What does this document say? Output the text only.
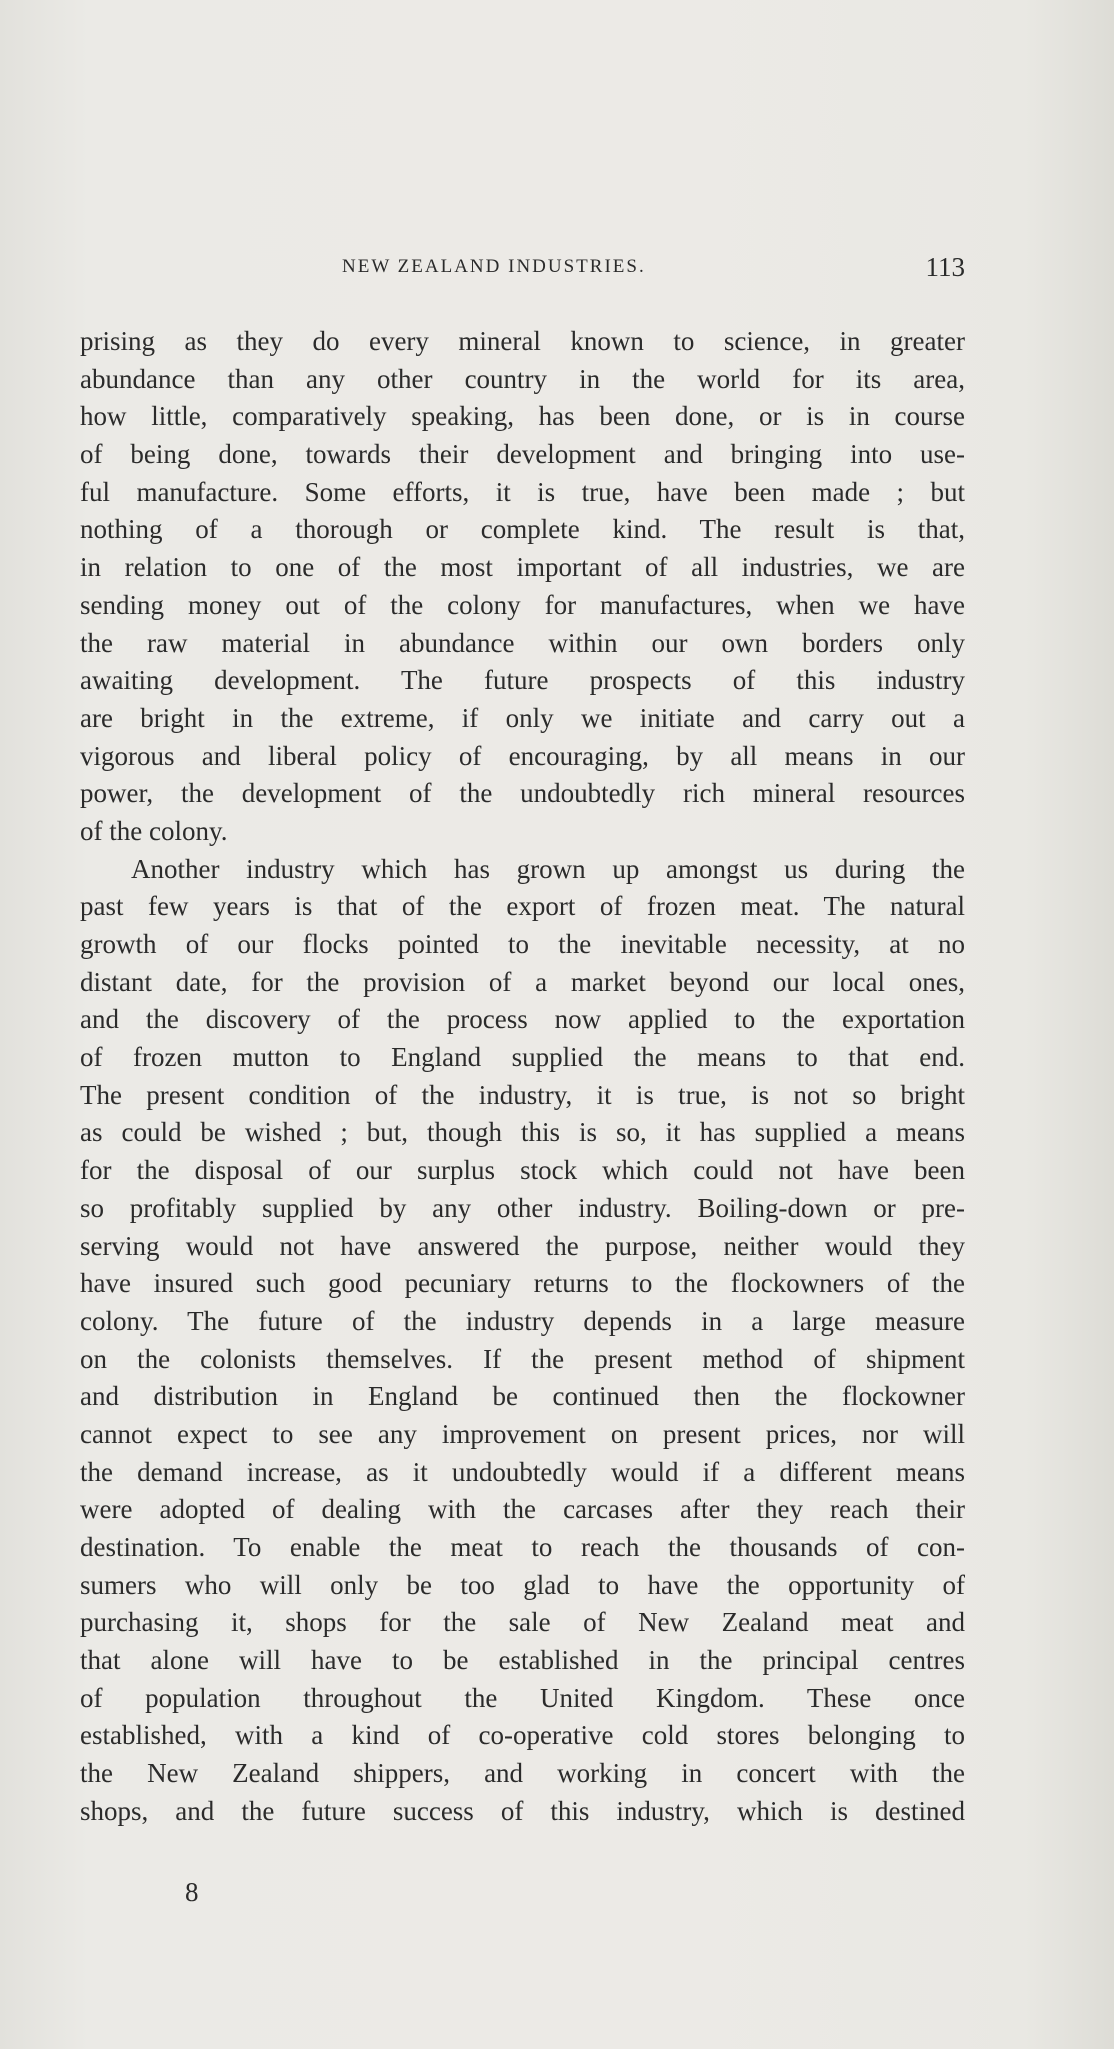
NEW ZEALAND INDUSTRIES.	113
prising as they do every mineral known to science, in greater
abundance than any other country in the world for its area,
how little, comparatively speaking, has been done, or is in course
of being done, towards their development and bringing into use-
ful manufacture. Some efforts, it is true, have been made ; but
nothing of a thorough or complete kind. The result is that,
in relation to one of the most important of all industries, we are
sending money out of the colony for manufactures, when we have
the raw material in abundance within our own borders only
awaiting development. The future prospects of this industry
are bright in the extreme, if only we initiate and carry out a
vigorous and liberal policy of encouraging, by all means in our
power, the development of the undoubtedly rich mineral resources
of the colony.
Another industry which has grown up amongst us during the
past few years is that of the export of frozen meat. The natural
growth of our flocks pointed to the inevitable necessity, at no
distant date, for the provision of a market beyond our local ones,
and the discovery of the process now applied to the exportation
of frozen mutton to England supplied the means to that end.
The present condition of the industry, it is true, is not so bright
as could be wished ; but, though this is so, it has supplied a means
for the disposal of our surplus stock which could not have been
so profitably supplied by any other industry. Boiling-down or pre-
serving would not have answered the purpose, neither would they
have insured such good pecuniary returns to the flockowners of the
colony. The future of the industry depends in a large measure
on the colonists themselves. If the present method of shipment
and distribution in England be continued then the flockowner
cannot expect to see any improvement on present prices, nor will
the demand increase, as it undoubtedly would if a different means
were adopted of dealing with the carcases after they reach their
destination. To enable the meat to reach the thousands of con-
sumers who will only be too glad to have the opportunity of
purchasing it, shops for the sale of New Zealand meat and
that alone will have to be established in the principal centres
of population throughout the United Kingdom. These once
established, with a kind of co-operative cold stores belonging to
the New Zealand shippers, and working in concert with the
shops, and the future success of this industry, which is destined
8
